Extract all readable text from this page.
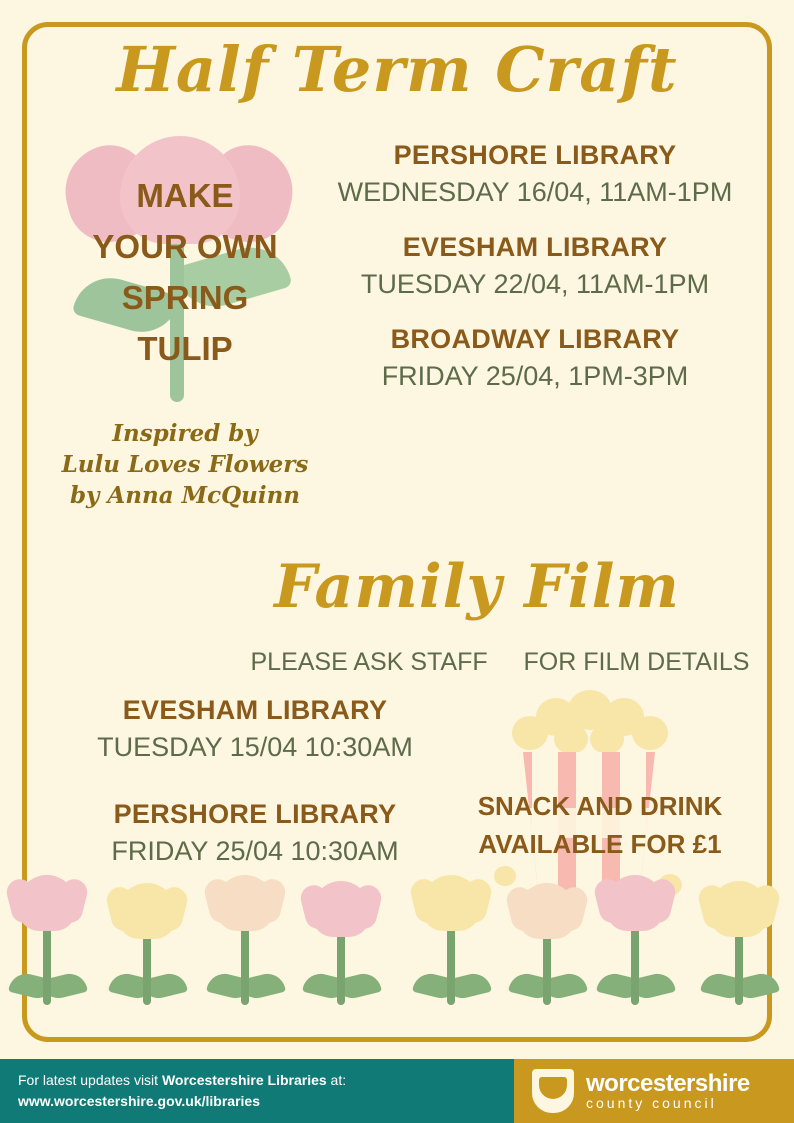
Half Term Craft
MAKE
YOUR OWN
SPRING
TULIP
Inspired by
Lulu Loves Flowers
by Anna McQuinn
PERSHORE LIBRARY
WEDNESDAY 16/04, 11AM-1PM
EVESHAM LIBRARY
TUESDAY 22/04, 11AM-1PM
BROADWAY LIBRARY
FRIDAY 25/04, 1PM-3PM
Family Film
PLEASE ASK STAFF FOR FILM DETAILS
EVESHAM LIBRARY
TUESDAY 15/04 10:30AM
PERSHORE LIBRARY
FRIDAY 25/04 10:30AM
SNACK AND DRINK
AVAILABLE FOR £1
For latest updates visit Worcestershire Libraries at:
www.worcestershire.gov.uk/libraries
worcestershire
county council
